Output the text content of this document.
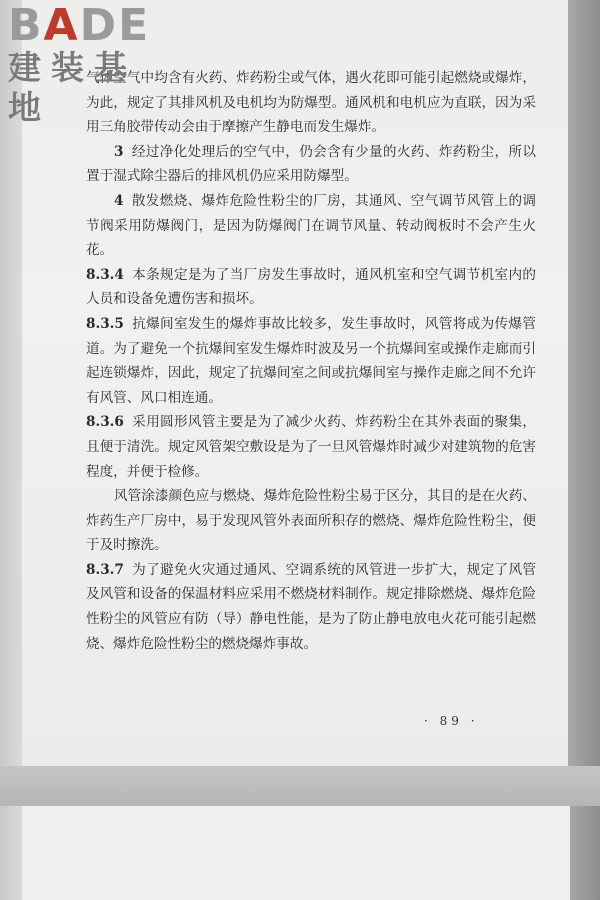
BADE
建装基地

气体空气中均含有火药、炸药粉尘或气体，遇火花即可能引起燃烧或爆炸，为此，规定了其排风机及电机均为防爆型。通风机和电机应为直联，因为采用三角胶带传动会由于摩擦产生静电而发生爆炸。

3 经过净化处理后的空气中，仍会含有少量的火药、炸药粉尘，所以置于湿式除尘器后的排风机仍应采用防爆型。

4 散发燃烧、爆炸危险性粉尘的厂房，其通风、空气调节风管上的调节阀采用防爆阀门，是因为防爆阀门在调节风量、转动阀板时不会产生火花。

8.3.4 本条规定是为了当厂房发生事故时，通风机室和空气调节机室内的人员和设备免遭伤害和损坏。

8.3.5 抗爆间室发生的爆炸事故比较多，发生事故时，风管将成为传爆管道。为了避免一个抗爆间室发生爆炸时波及另一个抗爆间室或操作走廊而引起连锁爆炸，因此，规定了抗爆间室之间或抗爆间室与操作走廊之间不允许有风管、风口相连通。

8.3.6 采用圆形风管主要是为了减少火药、炸药粉尘在其外表面的聚集，且便于清洗。规定风管架空敷设是为了一旦风管爆炸时减少对建筑物的危害程度，并便于检修。

风管涂漆颜色应与燃烧、爆炸危险性粉尘易于区分，其目的是在火药、炸药生产厂房中，易于发现风管外表面所积存的燃烧、爆炸危险性粉尘，便于及时擦洗。

8.3.7 为了避免火灾通过通风、空调系统的风管进一步扩大，规定了风管及风管和设备的保温材料应采用不燃烧材料制作。规定排除燃烧、爆炸危险性粉尘的风管应有防（导）静电性能，是为了防止静电放电火花可能引起燃烧、爆炸危险性粉尘的燃烧爆炸事故。

· 89 ·
